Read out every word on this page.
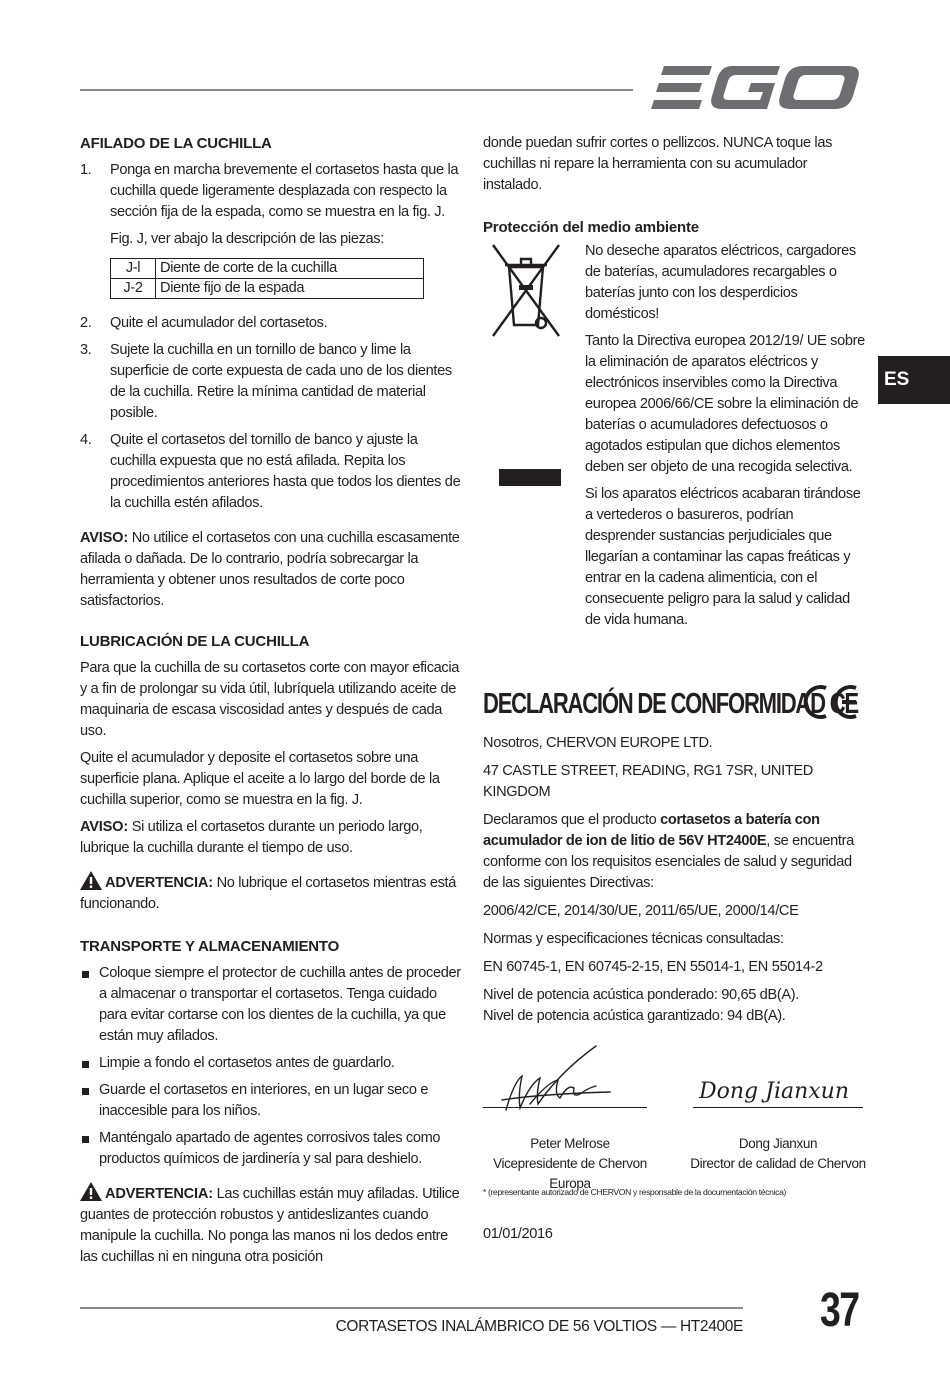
ES
AFILADO DE LA CUCHILLA
1. Ponga en marcha brevemente el cortasetos hasta que la cuchilla quede ligeramente desplazada con respecto la sección fija de la espada, como se muestra en la fig. J.
Fig. J, ver abajo la descripción de las piezas:
J-l	Diente de corte de la cuchilla
J-2	Diente fijo de la espada
2. Quite el acumulador del cortasetos.
3. Sujete la cuchilla en un tornillo de banco y lime la superficie de corte expuesta de cada uno de los dientes de la cuchilla. Retire la mínima cantidad de material posible.
4. Quite el cortasetos del tornillo de banco y ajuste la cuchilla expuesta que no está afilada. Repita los procedimientos anteriores hasta que todos los dientes de la cuchilla estén afilados.

AVISO: No utilice el cortasetos con una cuchilla escasamente afilada o dañada. De lo contrario, podría sobrecargar la herramienta y obtener unos resultados de corte poco satisfactorios.

LUBRICACIÓN DE LA CUCHILLA

Para que la cuchilla de su cortasetos corte con mayor eficacia y a fin de prolongar su vida útil, lubríquela utilizando aceite de maquinaria de escasa viscosidad antes y después de cada uso.

Quite el acumulador y deposite el cortasetos sobre una superficie plana. Aplique el aceite a lo largo del borde de la cuchilla superior, como se muestra en la fig. J.

AVISO: Si utiliza el cortasetos durante un periodo largo, lubrique la cuchilla durante el tiempo de uso.

ADVERTENCIA: No lubrique el cortasetos mientras está funcionando.

TRANSPORTE Y ALMACENAMIENTO
Coloque siempre el protector de cuchilla antes de proceder a almacenar o transportar el cortasetos. Tenga cuidado para evitar cortarse con los dientes de la cuchilla, ya que están muy afilados.
Limpie a fondo el cortasetos antes de guardarlo.
Guarde el cortasetos en interiores, en un lugar seco e inaccesible para los niños.
Manténgalo apartado de agentes corrosivos tales como productos químicos de jardinería y sal para deshielo.

ADVERTENCIA: Las cuchillas están muy afiladas. Utilice guantes de protección robustos y antideslizantes cuando manipule la cuchilla. No ponga las manos ni los dedos entre las cuchillas ni en ninguna otra posición

donde puedan sufrir cortes o pellizcos. NUNCA toque las cuchillas ni repare la herramienta con su acumulador instalado.

Protección del medio ambiente

No deseche aparatos eléctricos, cargadores de baterías, acumuladores recargables o baterías junto con los desperdicios domésticos!

Tanto la Directiva europea 2012/19/ UE sobre la eliminación de aparatos eléctricos y electrónicos inservibles como la Directiva europea 2006/66/CE sobre la eliminación de baterías o acumuladores defectuosos o agotados estipulan que dichos elementos deben ser objeto de una recogida selectiva.

Si los aparatos eléctricos acabaran tirándose a vertederos o basureros, podrían desprender sustancias perjudiciales que llegarían a contaminar las capas freáticas y entrar en la cadena alimenticia, con el consecuente peligro para la salud y calidad de vida humana.

DECLARACIÓN DE CONFORMIDAD CE

Nosotros, CHERVON EUROPE LTD.

47 CASTLE STREET, READING, RG1 7SR, UNITED KINGDOM

Declaramos que el producto cortasetos a batería con acumulador de ion de litio de 56V HT2400E, se encuentra conforme con los requisitos esenciales de salud y seguridad de las siguientes Directivas:

2006/42/CE, 2014/30/UE, 2011/65/UE, 2000/14/CE

Normas y especificaciones técnicas consultadas:

EN 60745-1, EN 60745-2-15, EN 55014-1, EN 55014-2

Nivel de potencia acústica ponderado: 90,65 dB(A).

Nivel de potencia acústica garantizado: 94 dB(A).

Dong Jianxun
Peter Melrose
Vicepresidente de Chervon Europa
Dong Jianxun
Director de calidad de Chervon
* (representante autorizado de CHERVON y responsable de la documentación técnica)
01/01/2016
CORTASETOS INALÁMBRICO DE 56 VOLTIOS — HT2400E 37
